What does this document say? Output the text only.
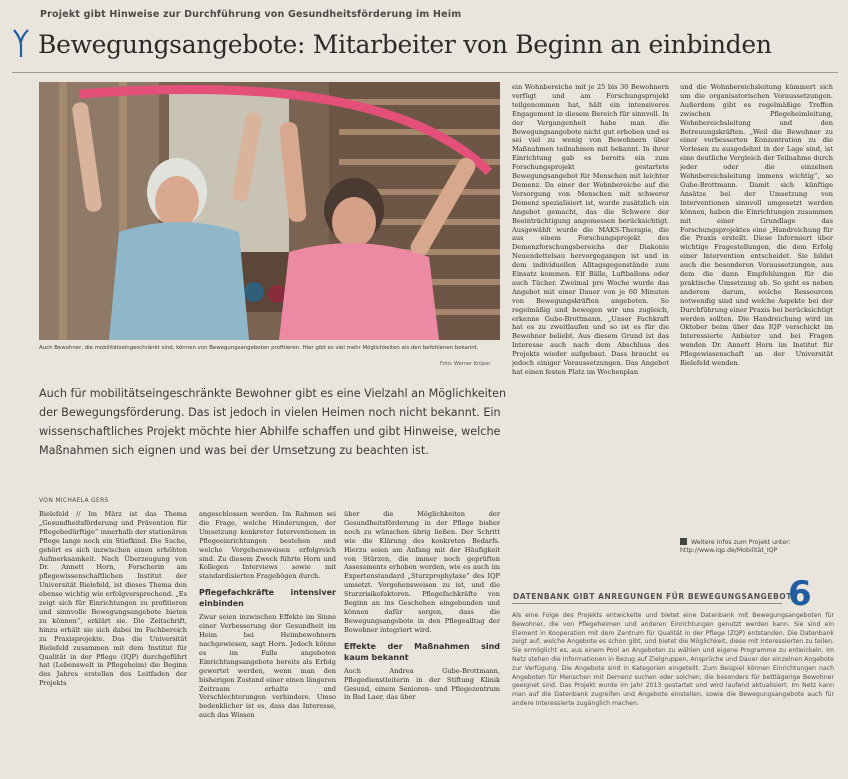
Projekt gibt Hinweise zur Durchführung von Gesundheitsförderung im Heim
Bewegungsangebote: Mitarbeiter von Beginn an einbinden
Auch Bewohner, die mobilitätseingeschränkt sind, können von Bewegungsangeboten profitieren. Hier gibt es viel mehr Möglichkeiten als den befohlenen bekannt.
Foto: Werner Krüper
Auch für mobilitätseingeschränkte Bewohner gibt es eine Vielzahl an Möglichkeiten der Bewegungsförderung. Das ist jedoch in vielen Heimen noch nicht bekannt. Ein wissenschaftliches Projekt möchte hier Abhilfe schaffen und gibt Hinweise, welche Maßnahmen sich eignen und was bei der Umsetzung zu beachten ist.
VON MICHAELA GERS

Bielefeld // Im März ist das Thema „Gesundheitsförderung und Prävention für Pflegebedürftige“ innerhalb der stationären Pflege lange noch ein Stiefkind. Die Suche, gehört es sich inzwischen einen erhöhten Aufmerksamkeit. Nach Überzeugung von Dr. Annett Horn, Forscherin am pflegewissenschaftlichen Institut der Universität Bielefeld, ist dieses Thema den ebenso wichtig wie erfolgversprechend. „Es zeigt sich für Einrichtungen zu profitieren und sinnvolle Bewegungsangebote bieten zu können“, erklärt sie. Die Zeitschrift, hinzu erhält sie sich dabei im Fachbereich zu Praxisprojekte. Das die Universität Bielefeld zusammen mit dem Institut für Qualität in der Pflege (IQP) durchgeführt hat (Lebenswelt in Pflegeheim) die Beginn des Jahres erstellen des Leitfaden der Projekts

angeschlossen werden. Im Rahmen sei die Frage, welche Hinderungen, der Umsetzung konkreter Interventionen in Pflegeeinrichtungen bestehen und welche Vorgehensweisen erfolgreich sind. Zu diesem Zweck führte Horn und Kollegen Interviews sowie mit standardisierten Fragebögen durch.

Pflegefachkräfte intensiver einbinden

Zwar seien inzwischen Effekte im Sinne einer Verbesserung der Gesundheit im Heim bei Heimbewohnern nachgewiesen, sagt Horn. Jedoch könne es im Falle angeboten Einrichtungsangebote bereits als Erfolg gewertet werden, wenn man den bisherigen Zustand einer einen längeren Zeitraum erhalte und Verschlechterungen verhindere. Umso bedenklicher ist es, dass das Interesse, auch das Wissen

über die Möglichkeiten der Gesundheitsförderung in der Pflege bisher noch zu wünschen übrig ließen. Der Schritt wie die Klärung des konkreten Bedarfs. Hierzu seien am Anfang mit der Häufigkeit von Stürzen, die immer noch geprüften Assessments erhoben werden, wie es auch im Expertenstandard „Sturzprophylaxe“ des IQP umsetzt. Vorgehensweisen zu ist, und die Sturzrisikofaktoren. Pflegefachkräfte von Beginn an ins Geschehen eingebunden und können dafür sorgen, dass die Bewegungsangebote in den Pflegealltag der Bewohner integriert wird.

Effekte der Maßnahmen sind kaum bekannt

Auch Andrea Gube-Brottmann, Pflegedienstleiterin in der Stiftung Klinik Gesund, einem Senioren- und Pflegezentrum in Bad Laer, das über

ein Wohnbereiche mit je 25 bis 30 Bewohnern verfügt und am Forschungsprojekt teilgenommen hat, hält ein intensiveres Engagement in diesem Bereich für sinnvoll. In der Vergangenheit habe man die Bewegungsangebote nicht gut erhoben und es sei viel zu wenig von Bewohnern über Maßnahmen teilnahmen mit bekannt. In ihrer Einrichtung gab es bereits ein zum Forschungsprojekt gestartete Bewegungsangebot für Menschen mit leichter Demenz. Da einer der Wohnbereiche auf die Versorgung von Menschen mit schwerer Demenz spezialisiert ist, wurde zusätzlich ein Angebot gemacht, das die Schwere der Beeinträchtigung angemessen berücksichtigt. Ausgewählt wurde die MAKS-Therapie, die aus einem Forschungsprojekt des Demenzforschungsbereichs der Diakonie Neuendettelsau hervorgegangen ist und in dem individuellen Alltagsgegenstände zum Einsatz kommen. Elf Bälle, Luftballons oder auch Tücher. Zweimal pro Woche wurde das Angebot mit einer Dauer von je 60 Minuten von Bewegungskräften angeboten. So regelmäßig und bewegen wir uns zugleich, erkenne Gube-Brottmann. „Unser Fachkraft hat es zu zweitlaufen und so ist es für die Bewohner beliebt. Aus diesem Grund ist das Interesse auch nach dem Abschluss des Projekts wieder aufgebaut. Dass braucht es jedoch einiger Voraussetzungen. Das Angebot hat einen festen Platz im Wochenplan

und die Wohnbereichsleitung kümmert sich um die organisatorischen Voraussetzungen. Außerdem gibt es regelmäßige Treffen zwischen Pflegeheimleitung, Wohnbereichsleitung und den Betreuungskräften. „Weil die Bewohner zu einer verbesserten Konzentration zu die Vorlesen zu ausgedehnt in der Lage sind, ist eine deutliche Vergleich der Teilnahme durch jeder oder die einzelnen Wohnbereichsleitung immens wichtig“, so Gube-Brottmann. Damit sich künftige Ansätze bei der Umsetzung von Interventionen sinnvoll umgesetzt werden können, haben die Einrichtungen zusammen mit einer Grundlage das Forschungsprojektes eine „Handreichung für die Praxis erstellt. Diese Informiert über wichtige Fragestellungen, die dem Erfolg einer Intervention entscheidet. Sie bildet auch die besonderen Voraussetzungen, aus dem die dann Empfehlungen für die praktische Umsetzung ab. So geht es neben anderem darum, welche Ressourcen notwendig sind und welche Aspekte bei der Durchführung einer Praxis bei berücksichtigt werden sollten. Die Handreichung wird im Oktober beim über das IQP verschickt im Interessierte Anbieter und bei Fragen wenden Dr. Annett Horn im Institut für Pflegewissenschaft an der Universität Bielefeld wenden.

Weitere Infos zum Projekt unter: http://www.iqp.de/Mobilität_IQP
DATENBANK GIBT ANREGUNGEN FÜR BEWEGUNGSANGEBOTE
6
Als eine Folge des Projekts entwickelte und bietet eine Datenbank mit Bewegungsangeboten für Bewohner, die von Pflegeheimen und anderen Einrichtungen genutzt werden kann. Sie sind ein Element in Kooperation mit dem Zentrum für Qualität in der Pflege (ZQP) entstanden. Die Datenbank zeigt auf, welche Angebote es schon gibt, und bietet die Möglichkeit, diese mit Interessierten zu teilen. Sie ermöglicht es, aus einem Pool an Angeboten zu wählen und eigene Programme zu entwickeln. Im Netz stehen die Informationen in Bezug auf Zielgruppen, Ansprüche und Dauer der einzelnen Angebote zur Verfügung. Die Angebote sind in Kategorien eingeteilt. Zum Beispiel können Einrichtungen nach Angeboten für Menschen mit Demenz suchen oder solchen, die besonders für bettlägerige Bewohner geeignet sind. Das Projekt wurde im Jahr 2013 gestartet und wird laufend aktualisiert. Im Netz kann man auf die Datenbank zugreifen und Angebote einstellen, sowie die Bewegungsangebote auch für andere Interessierte zugänglich machen.
